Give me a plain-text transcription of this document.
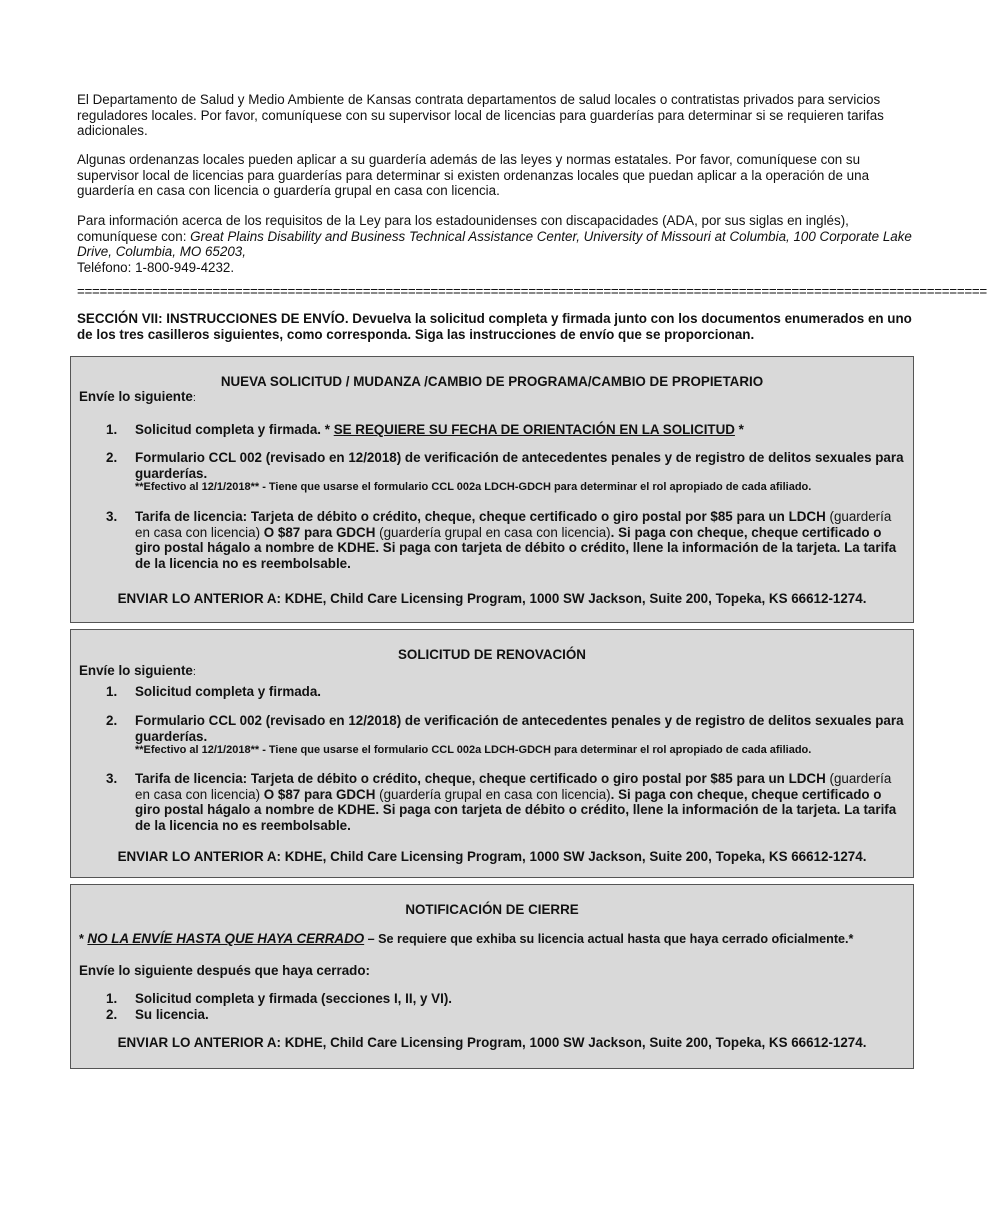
El Departamento de Salud y Medio Ambiente de Kansas contrata departamentos de salud locales o contratistas privados para servicios reguladores locales. Por favor, comuníquese con su supervisor local de licencias para guarderías para determinar si se requieren tarifas adicionales.

Algunas ordenanzas locales pueden aplicar a su guardería además de las leyes y normas estatales. Por favor, comuníquese con su supervisor local de licencias para guarderías para determinar si existen ordenanzas locales que puedan aplicar a la operación de una guardería en casa con licencia o guardería grupal en casa con licencia.

Para información acerca de los requisitos de la Ley para los estadounidenses con discapacidades (ADA, por sus siglas en inglés), comuníquese con: Great Plains Disability and Business Technical Assistance Center, University of Missouri at Columbia, 100 Corporate Lake Drive, Columbia, MO 65203,
Teléfono: 1-800-949-4232.

=========================================================================================================================
SECCIÓN VII: INSTRUCCIONES DE ENVÍO. Devuelva la solicitud completa y firmada junto con los documentos enumerados en uno de los tres casilleros siguientes, como corresponda. Siga las instrucciones de envío que se proporcionan.
NUEVA SOLICITUD / MUDANZA /CAMBIO DE PROGRAMA/CAMBIO DE PROPIETARIO
Envíe lo siguiente:
1.	Solicitud completa y firmada. * SE REQUIERE SU FECHA DE ORIENTACIÓN EN LA SOLICITUD *
2.	Formulario CCL 002 (revisado en 12/2018) de verificación de antecedentes penales y de registro de delitos sexuales para guarderías.
**Efectivo al 12/1/2018** - Tiene que usarse el formulario CCL 002a LDCH-GDCH para determinar el rol apropiado de cada afiliado.
3.	Tarifa de licencia: Tarjeta de débito o crédito, cheque, cheque certificado o giro postal por $85 para un LDCH (guardería en casa con licencia) O $87 para GDCH (guardería grupal en casa con licencia). Si paga con cheque, cheque certificado o giro postal hágalo a nombre de KDHE. Si paga con tarjeta de débito o crédito, llene la información de la tarjeta. La tarifa de la licencia no es reembolsable.
ENVIAR LO ANTERIOR A: KDHE, Child Care Licensing Program, 1000 SW Jackson, Suite 200, Topeka, KS 66612-1274.
SOLICITUD DE RENOVACIÓN
Envíe lo siguiente:
1.	Solicitud completa y firmada.
2.	Formulario CCL 002 (revisado en 12/2018) de verificación de antecedentes penales y de registro de delitos sexuales para guarderías.
**Efectivo al 12/1/2018** - Tiene que usarse el formulario CCL 002a LDCH-GDCH para determinar el rol apropiado de cada afiliado.
3.	Tarifa de licencia: Tarjeta de débito o crédito, cheque, cheque certificado o giro postal por $85 para un LDCH (guardería en casa con licencia) O $87 para GDCH (guardería grupal en casa con licencia). Si paga con cheque, cheque certificado o giro postal hágalo a nombre de KDHE. Si paga con tarjeta de débito o crédito, llene la información de la tarjeta. La tarifa de la licencia no es reembolsable.
ENVIAR LO ANTERIOR A: KDHE, Child Care Licensing Program, 1000 SW Jackson, Suite 200, Topeka, KS 66612-1274.
NOTIFICACIÓN DE CIERRE
* NO LA ENVÍE HASTA QUE HAYA CERRADO – Se requiere que exhiba su licencia actual hasta que haya cerrado oficialmente.*
Envíe lo siguiente después que haya cerrado:
1.	Solicitud completa y firmada (secciones I, II, y VI).
2.	Su licencia.
ENVIAR LO ANTERIOR A: KDHE, Child Care Licensing Program, 1000 SW Jackson, Suite 200, Topeka, KS 66612-1274.
